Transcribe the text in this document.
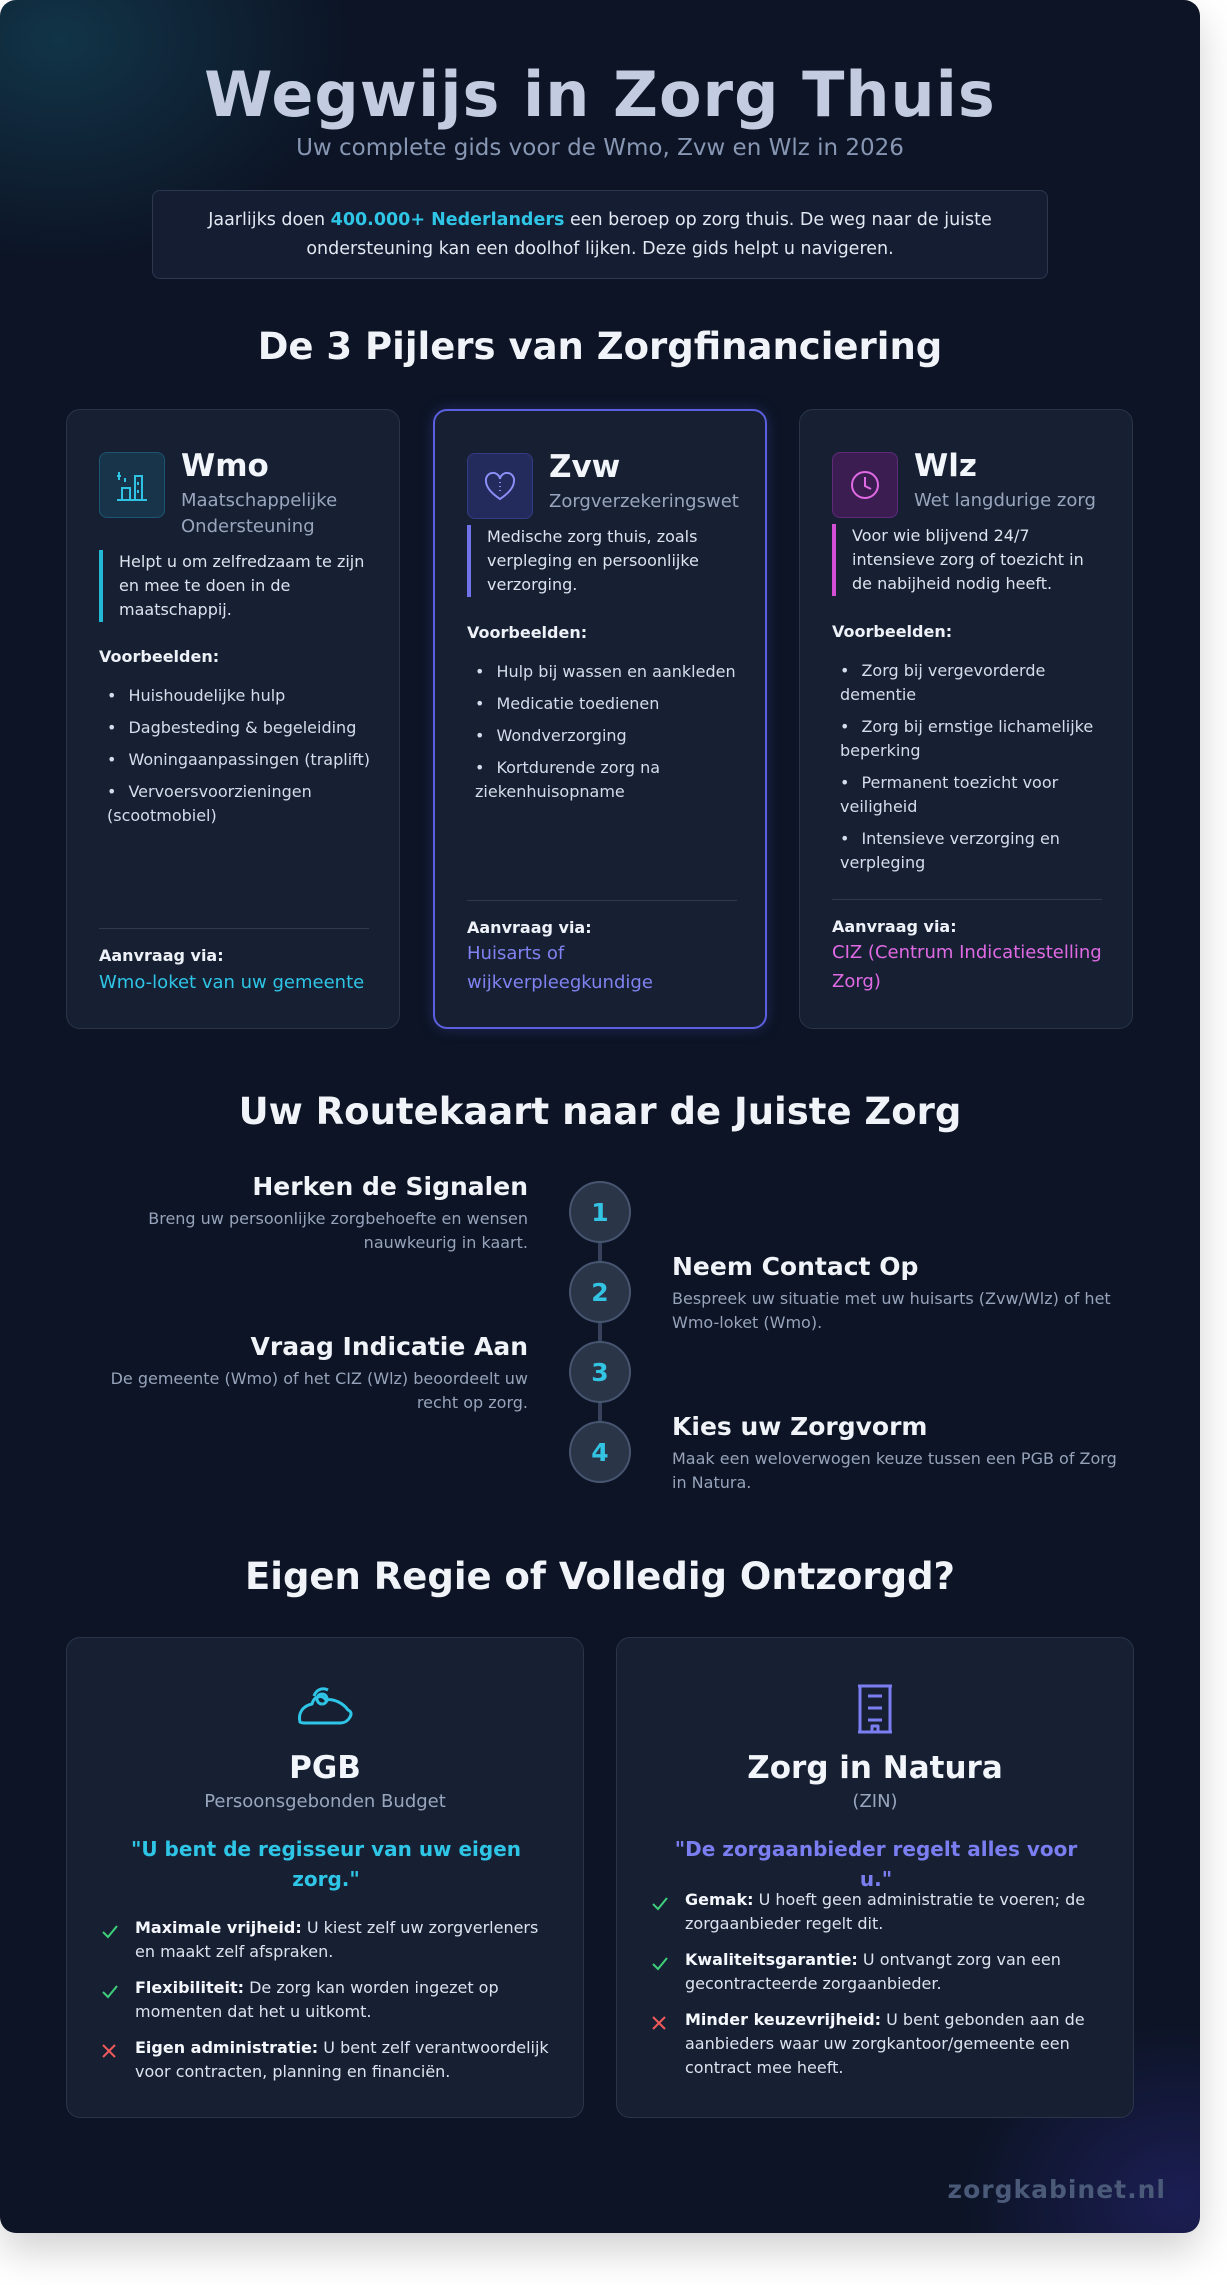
Wegwijs in Zorg Thuis
Uw complete gids voor de Wmo, Zvw en Wlz in 2026

Jaarlijks doen 400.000+ Nederlanders een beroep op zorg thuis. De weg naar de juiste ondersteuning kan een doolhof lijken. Deze gids helpt u navigeren.

De 3 Pijlers van Zorgfinanciering
Wmo
Maatschappelijke Ondersteuning
Helpt u om zelfredzaam te zijn en mee te doen in de maatschappij.
Voorbeelden:
• Huishoudelijke hulp
• Dagbesteding & begeleiding
• Woningaanpassingen (traplift)
• Vervoersvoorzieningen (scootmobiel)
Aanvraag via:
Wmo-loket van uw gemeente
Zvw
Zorgverzekeringswet
Medische zorg thuis, zoals verpleging en persoonlijke verzorging.
Voorbeelden:
• Hulp bij wassen en aankleden
• Medicatie toedienen
• Wondverzorging
• Kortdurende zorg na ziekenhuisopname
Aanvraag via:
Huisarts of wijkverpleegkundige
Wlz
Wet langdurige zorg
Voor wie blijvend 24/7 intensieve zorg of toezicht in de nabijheid nodig heeft.
Voorbeelden:
• Zorg bij vergevorderde dementie
• Zorg bij ernstige lichamelijke beperking
• Permanent toezicht voor veiligheid
• Intensieve verzorging en verpleging
Aanvraag via:
CIZ (Centrum Indicatiestelling Zorg)
Uw Routekaart naar de Juiste Zorg
1
2
3
4
Herken de Signalen
Breng uw persoonlijke zorgbehoefte en wensen nauwkeurig in kaart.
Neem Contact Op
Bespreek uw situatie met uw huisarts (Zvw/Wlz) of het Wmo-loket (Wmo).
Vraag Indicatie Aan
De gemeente (Wmo) of het CIZ (Wlz) beoordeelt uw recht op zorg.
Kies uw Zorgvorm
Maak een weloverwogen keuze tussen een PGB of Zorg in Natura.
Eigen Regie of Volledig Ontzorgd?
PGB
Persoonsgebonden Budget
"U bent de regisseur van uw eigen zorg."
Maximale vrijheid: U kiest zelf uw zorgverleners en maakt zelf afspraken.
Flexibiliteit: De zorg kan worden ingezet op momenten dat het u uitkomt.
Eigen administratie: U bent zelf verantwoordelijk voor contracten, planning en financiën.
Zorg in Natura
(ZIN)
"De zorgaanbieder regelt alles voor u."
Gemak: U hoeft geen administratie te voeren; de zorgaanbieder regelt dit.
Kwaliteitsgarantie: U ontvangt zorg van een gecontracteerde zorgaanbieder.
Minder keuzevrijheid: U bent gebonden aan de aanbieders waar uw zorgkantoor/gemeente een contract mee heeft.
zorgkabinet.nl
